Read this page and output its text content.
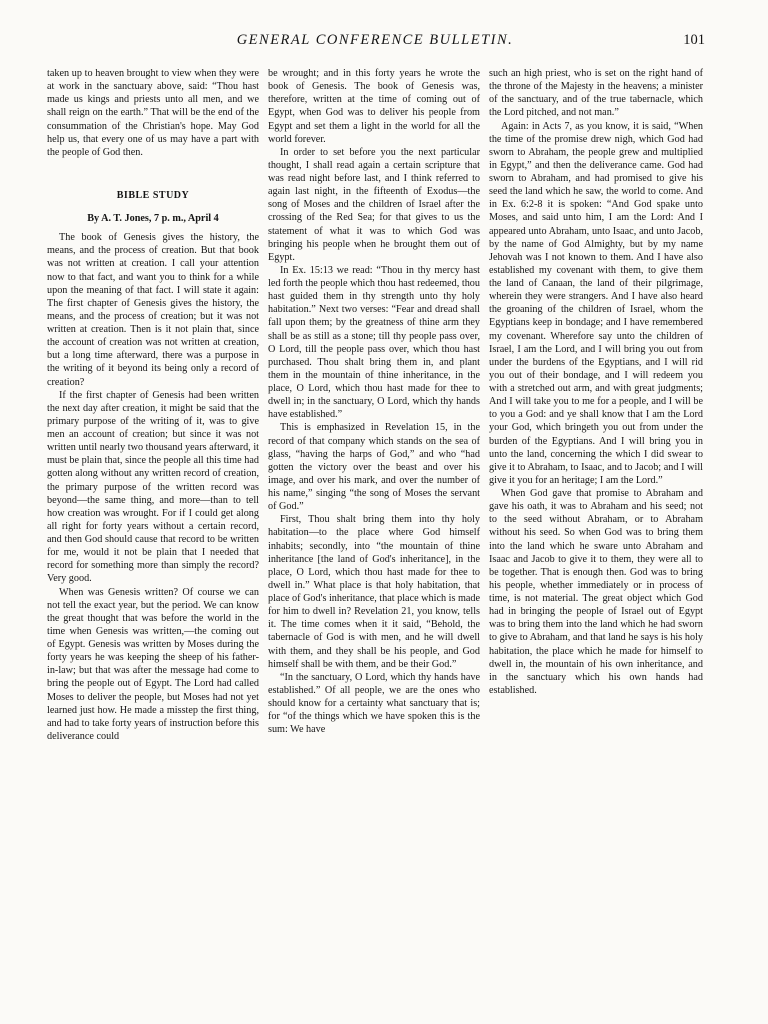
GENERAL CONFERENCE BULLETIN.	101

taken up to heaven brought to view when they were at work in the sanctuary above, said: “Thou hast made us kings and priests unto all men, and we shall reign on the earth.” That will be the end of the consummation of the Christian's hope. May God help us, that every one of us may have a part with the people of God then.

BIBLE STUDY
By A. T. Jones, 7 p. m., April 4

The book of Genesis gives the history, the means, and the process of creation. But that book was not written at creation. I call your attention now to that fact, and want you to think for a while upon the meaning of that fact. I will state it again: The first chapter of Genesis gives the history, the means, and the process of creation; but it was not written at creation. Then is it not plain that, since the account of creation was not written at creation, but a long time afterward, there was a purpose in the writing of it beyond its being only a record of creation?

If the first chapter of Genesis had been written the next day after creation, it might be said that the primary purpose of the writing of it, was to give men an account of creation; but since it was not written until nearly two thousand years afterward, it must be plain that, since the people all this time had gotten along without any written record of creation, the primary purpose of the written record was beyond—the same thing, and more—than to tell how creation was wrought. For if I could get along all right for forty years without a certain record, and then God should cause that record to be written for me, would it not be plain that I needed that record for something more than simply the record? Very good.

When was Genesis written? Of course we can not tell the exact year, but the period. We can know the great thought that was before the world in the time when Genesis was written,—the coming out of Egypt. Genesis was written by Moses during the forty years he was keeping the sheep of his father-in-law; but that was after the message had come to bring the people out of Egypt. The Lord had called Moses to deliver the people, but Moses had not yet learned just how. He made a misstep the first thing, and had to take forty years of instruction before this deliverance could

be wrought; and in this forty years he wrote the book of Genesis. The book of Genesis was, therefore, written at the time of coming out of Egypt, when God was to deliver his people from Egypt and set them a light in the world for all the world forever.

In order to set before you the next particular thought, I shall read again a certain scripture that was read night before last, and I think referred to again last night, in the fifteenth of Exodus—the song of Moses and the children of Israel after the crossing of the Red Sea; for that gives to us the statement of what it was to which God was bringing his people when he brought them out of Egypt.

In Ex. 15:13 we read: “Thou in thy mercy hast led forth the people which thou hast redeemed, thou hast guided them in thy strength unto thy holy habitation.” Next two verses: “Fear and dread shall fall upon them; by the greatness of thine arm they shall be as still as a stone; till thy people pass over, O Lord, till the people pass over, which thou hast purchased. Thou shalt bring them in, and plant them in the mountain of thine inheritance, in the place, O Lord, which thou hast made for thee to dwell in; in the sanctuary, O Lord, which thy hands have established.”

This is emphasized in Revelation 15, in the record of that company which stands on the sea of glass, “having the harps of God,” and who “had gotten the victory over the beast and over his image, and over his mark, and over the number of his name,” singing “the song of Moses the servant of God.”

First, Thou shalt bring them into thy holy habitation—to the place where God himself inhabits; secondly, into “the mountain of thine inheritance [the land of God's inheritance], in the place, O Lord, which thou hast made for thee to dwell in.” What place is that holy habitation, that place of God's inheritance, that place which is made for him to dwell in? Revelation 21, you know, tells it. The time comes when it it said, “Behold, the tabernacle of God is with men, and he will dwell with them, and they shall be his people, and God himself shall be with them, and be their God.”

“In the sanctuary, O Lord, which thy hands have established.” Of all people, we are the ones who should know for a certainty what sanctuary that is; for “of the things which we have spoken this is the sum: We have

such an high priest, who is set on the right hand of the throne of the Majesty in the heavens; a minister of the sanctuary, and of the true tabernacle, which the Lord pitched, and not man.”

Again: in Acts 7, as you know, it is said, “When the time of the promise drew nigh, which God had sworn to Abraham, the people grew and multiplied in Egypt,” and then the deliverance came. God had sworn to Abraham, and had promised to give his seed the land which he saw, the world to come. And in Ex. 6:2-8 it is spoken: “And God spake unto Moses, and said unto him, I am the Lord: And I appeared unto Abraham, unto Isaac, and unto Jacob, by the name of God Almighty, but by my name Jehovah was I not known to them. And I have also established my covenant with them, to give them the land of Canaan, the land of their pilgrimage, wherein they were strangers. And I have also heard the groaning of the children of Israel, whom the Egyptians keep in bondage; and I have remembered my covenant. Wherefore say unto the children of Israel, I am the Lord, and I will bring you out from under the burdens of the Egyptians, and I will rid you out of their bondage, and I will redeem you with a stretched out arm, and with great judgments; And I will take you to me for a people, and I will be to you a God: and ye shall know that I am the Lord your God, which bringeth you out from under the burden of the Egyptians. And I will bring you in unto the land, concerning the which I did swear to give it to Abraham, to Isaac, and to Jacob; and I will give it you for an heritage; I am the Lord.”

When God gave that promise to Abraham and gave his oath, it was to Abraham and his seed; not to the seed without Abraham, or to Abraham without his seed. So when God was to bring them into the land which he sware unto Abraham and Isaac and Jacob to give it to them, they were all to be together. That is enough then. God was to bring his people, whether immediately or in process of time, is not material. The great object which God had in bringing the people of Israel out of Egypt was to bring them into the land which he had sworn to give to Abraham, and that land he says is his holy habitation, the place which he made for himself to dwell in, the mountain of his own inheritance, and in the sanctuary which his own hands had established.
